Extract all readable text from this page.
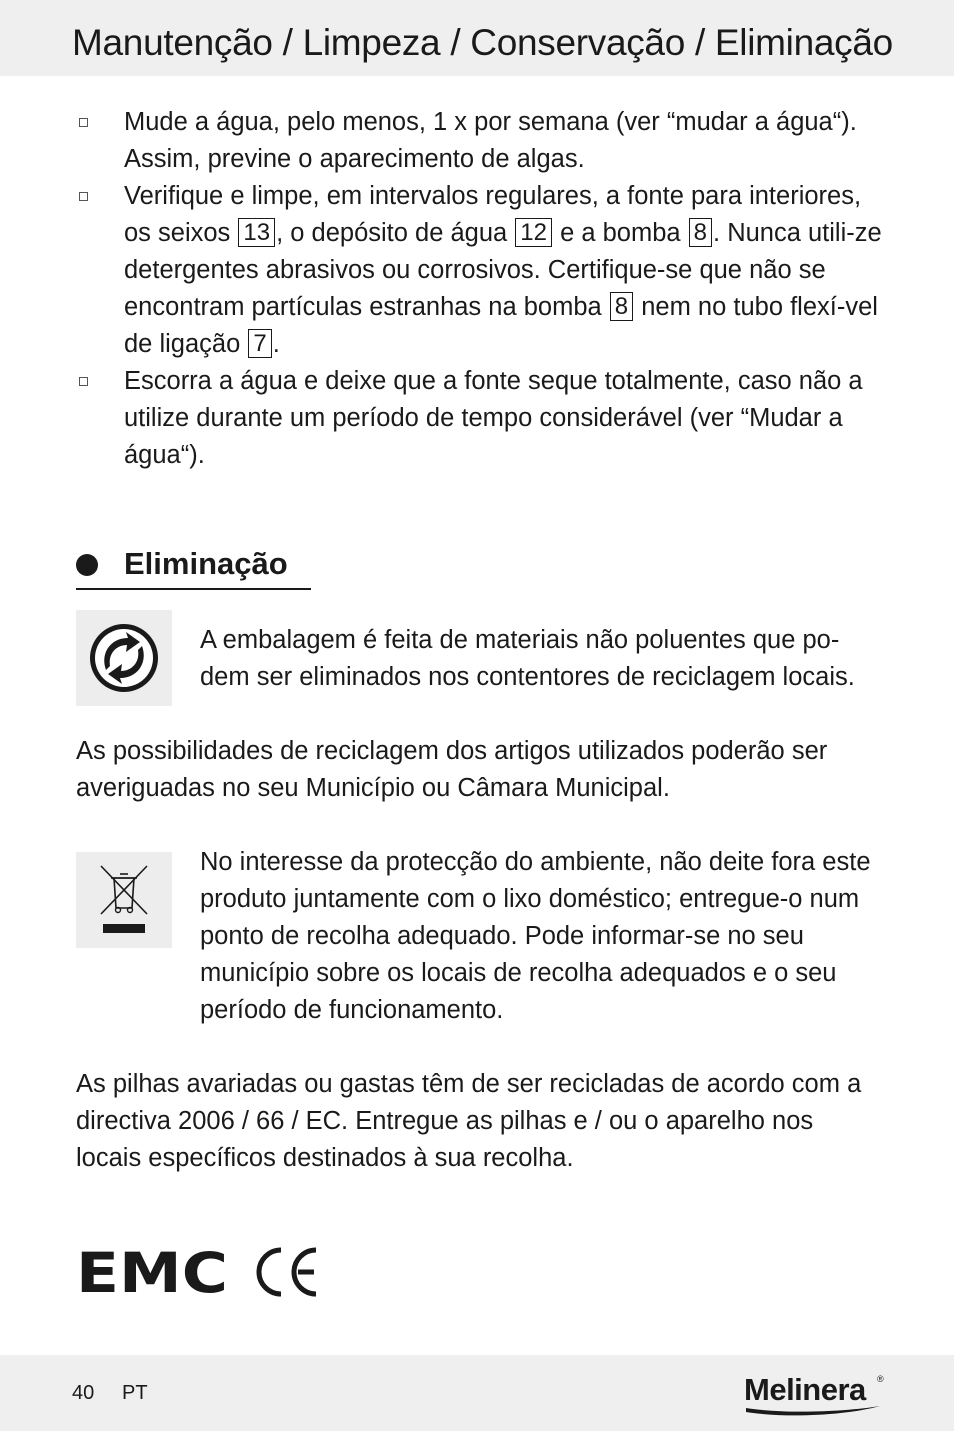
Manutenção / Limpeza / Conservação / Eliminação
Mude a água, pelo menos, 1 x por semana (ver “mudar a água“). Assim, previne o aparecimento de algas.
Verifique e limpe, em intervalos regulares, a fonte para interiores, os seixos 13 , o depósito de água 12 e a bomba 8 . Nunca utili-ze detergentes abrasivos ou corrosivos. Certifique-se que não se encontram partículas estranhas na bomba 8 nem no tubo flexí-vel de ligação 7 .
Escorra a água e deixe que a fonte seque totalmente, caso não a utilize durante um período de tempo considerável (ver “Mudar a água“).
Eliminação

A embalagem é feita de materiais não poluentes que po-dem ser eliminados nos contentores de reciclagem locais.

As possibilidades de reciclagem dos artigos utilizados poderão ser averiguadas no seu Município ou Câmara Municipal.

No interesse da protecção do ambiente, não deite fora este produto juntamente com o lixo doméstico; entregue-o num ponto de recolha adequado. Pode informar-se no seu município sobre os locais de recolha adequados e o seu período de funcionamento.

As pilhas avariadas ou gastas têm de ser recicladas de acordo com a directiva 2006 / 66 / EC. Entregue as pilhas e / ou o aparelho nos locais específicos destinados à sua recolha.

EMC
40 PT	Melinera ®
